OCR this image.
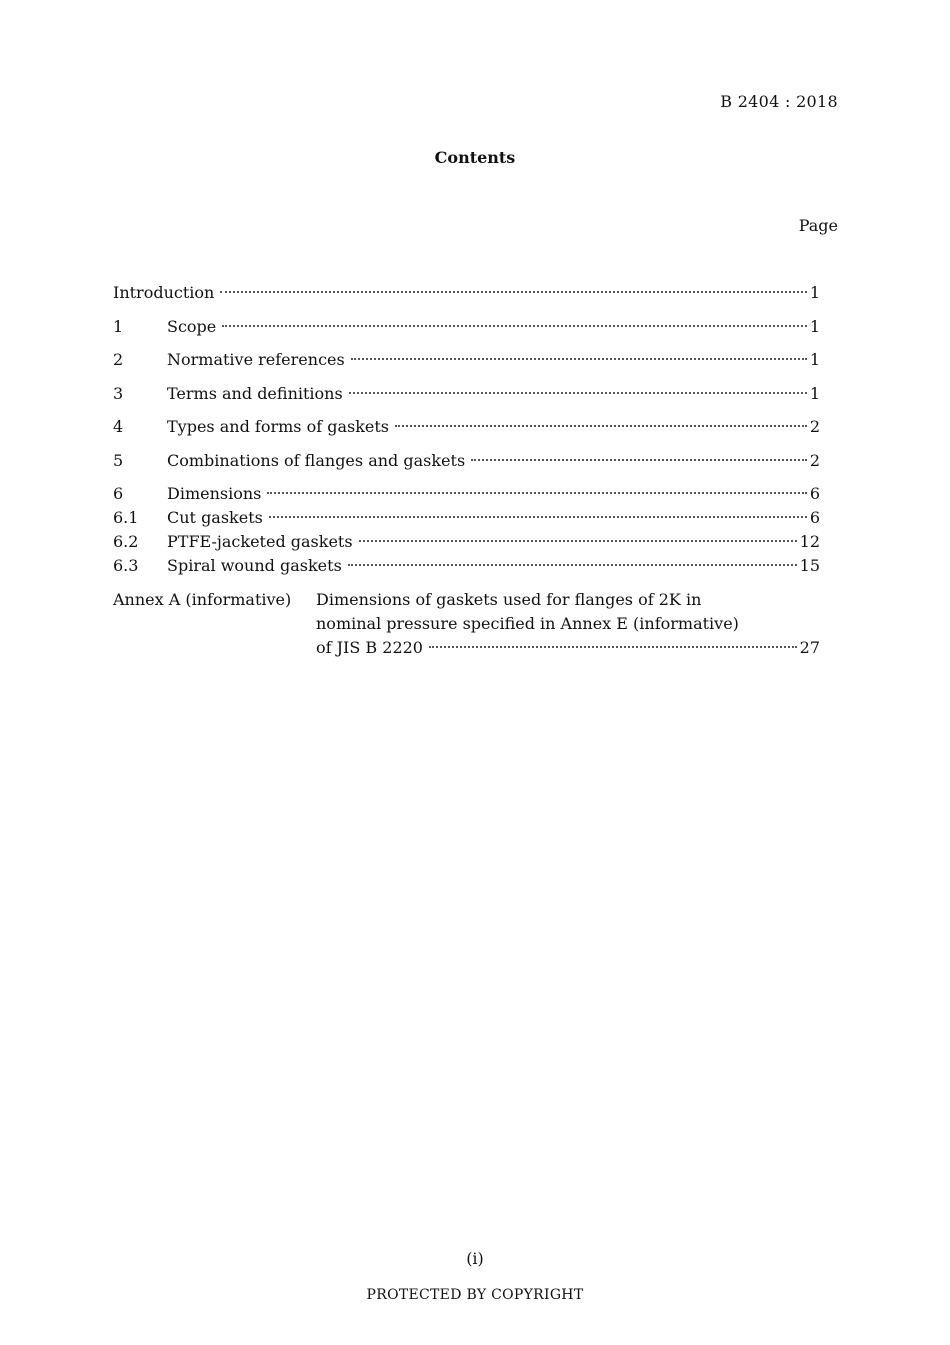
B 2404 : 2018
Contents
Page
Introduction	1
1	Scope	1
2	Normative references	1
3	Terms and definitions	1
4	Types and forms of gaskets	2
5	Combinations of flanges and gaskets	2
6	Dimensions	6
6.1	Cut gaskets	6
6.2	PTFE-jacketed gaskets	12
6.3	Spiral wound gaskets	15
Annex A (informative)	Dimensions of gaskets used for flanges of 2K in
nominal pressure specified in Annex E (informative)
of JIS B 2220	27
(i)
PROTECTED BY COPYRIGHT
